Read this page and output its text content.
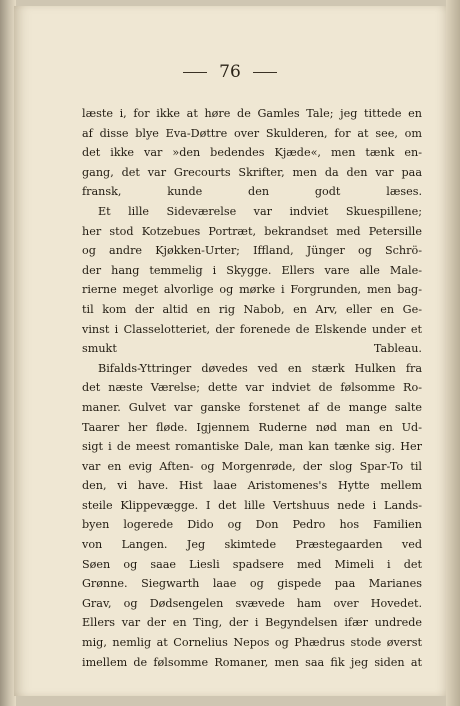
76
læste i, for ikke at høre de Gamles Tale; jeg tittede en
af disse blye Eva-Døttre over Skulderen, for at see, om
det ikke var »den bedendes Kjæde«, men tænk en-
gang, det var Grecourts Skrifter, men da den var paa
fransk, kunde den godt læses.
Et lille Sideværelse var indviet Skuespillene;
her stod Kotzebues Portræt, bekrandset med Petersille
og andre Kjøkken-Urter; Iffland, Jünger og Schrö-
der hang temmelig i Skygge. Ellers vare alle Male-
rierne meget alvorlige og mørke i Forgrunden, men bag-
til kom der altid en rig Nabob, en Arv, eller en Ge-
vinst i Classelotteriet, der forenede de Elskende under et
smukt Tableau.
Bifalds-Yttringer døvedes ved en stærk Hulken fra
det næste Værelse; dette var indviet de følsomme Ro-
maner. Gulvet var ganske forstenet af de mange salte
Taarer her fløde. Igjennem Ruderne nød man en Ud-
sigt i de meest romantiske Dale, man kan tænke sig. Her
var en evig Aften- og Morgenrøde, der slog Spar-To til
den, vi have. Hist laae Aristomenes's Hytte mellem
steile Klippevægge. I det lille Vertshuus nede i Lands-
byen logerede Dido og Don Pedro hos Familien
von Langen. Jeg skimtede Præstegaarden ved
Søen og saae Liesli spadsere med Mimeli i det
Grønne. Siegwarth laae og gispede paa Marianes
Grav, og Dødsengelen svævede ham over Hovedet.
Ellers var der en Ting, der i Begyndelsen ifær undrede
mig, nemlig at Cornelius Nepos og Phædrus stode øverst
imellem de følsomme Romaner, men saa fik jeg siden at
